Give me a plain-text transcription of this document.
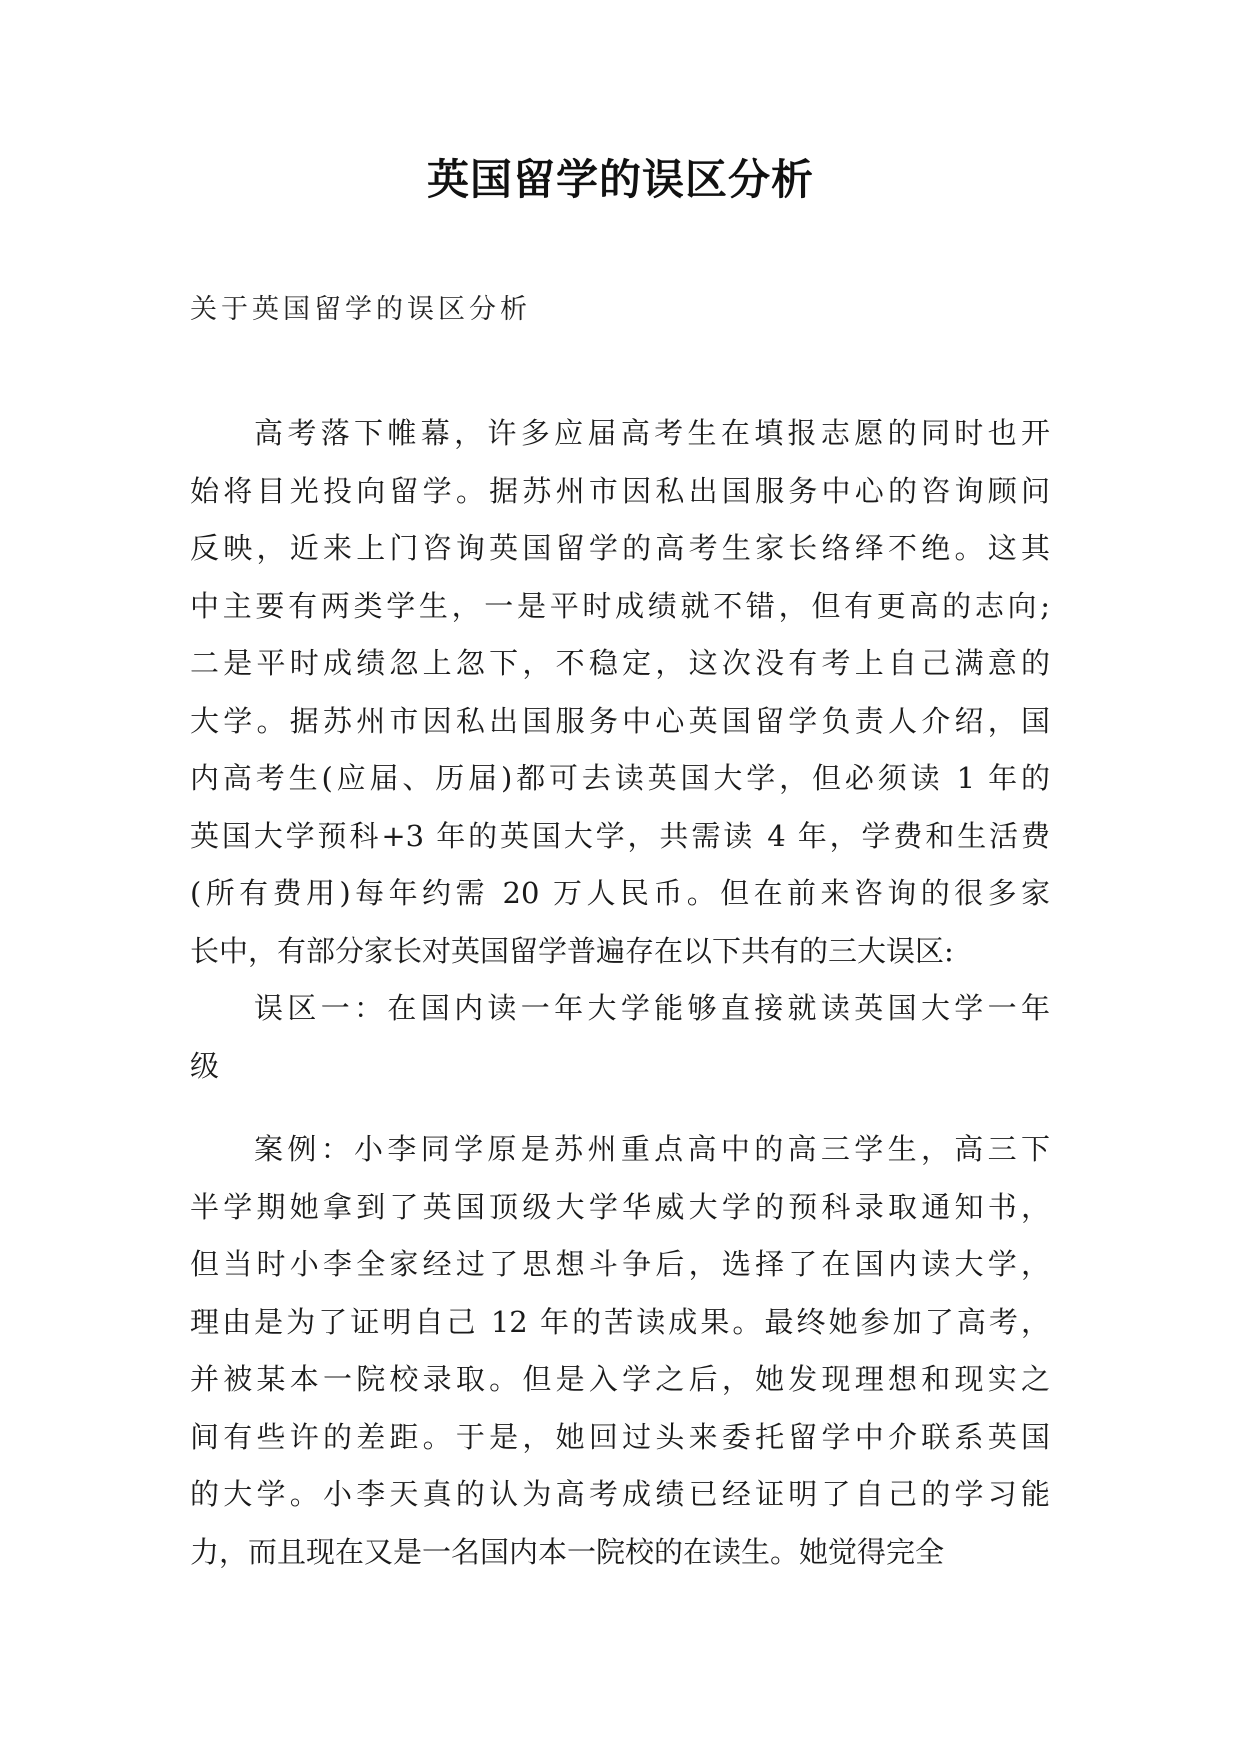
英国留学的误区分析
关于英国留学的误区分析
高考落下帷幕，许多应届高考生在填报志愿的同时也开
始将目光投向留学。据苏州市因私出国服务中心的咨询顾问
反映，近来上门咨询英国留学的高考生家长络绎不绝。这其
中主要有两类学生，一是平时成绩就不错，但有更高的志向;
二是平时成绩忽上忽下，不稳定，这次没有考上自己满意的
大学。据苏州市因私出国服务中心英国留学负责人介绍，国
内高考生(应届、历届)都可去读英国大学，但必须读 1 年的
英国大学预科+3 年的英国大学，共需读 4 年，学费和生活费
(所有费用)每年约需 20 万人民币。但在前来咨询的很多家
长中，有部分家长对英国留学普遍存在以下共有的三大误区:
误区一：在国内读一年大学能够直接就读英国大学一年
级
案例：小李同学原是苏州重点高中的高三学生，高三下
半学期她拿到了英国顶级大学华威大学的预科录取通知书，
但当时小李全家经过了思想斗争后，选择了在国内读大学，
理由是为了证明自己 12 年的苦读成果。最终她参加了高考，
并被某本一院校录取。但是入学之后，她发现理想和现实之
间有些许的差距。于是，她回过头来委托留学中介联系英国
的大学。小李天真的认为高考成绩已经证明了自己的学习能
力，而且现在又是一名国内本一院校的在读生。她觉得完全
